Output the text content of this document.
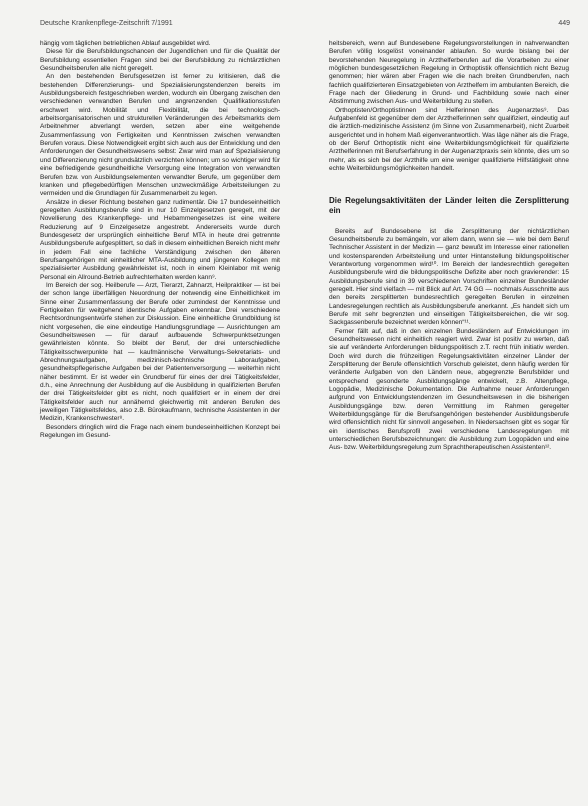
Deutsche Krankenpflege-Zeitschrift 7/1991	449

hängig vom täglichen betrieblichen Ablauf ausgebildet wird.

Diese für die Berufsbildungschancen der Jugendlichen und für die Qualität der Berufsbildung essentiellen Fragen sind bei der Berufsbildung zu nichtärztlichen Gesundheitsberufen alle nicht geregelt.

An den bestehenden Berufsgesetzen ist ferner zu kritisieren, daß die bestehenden Differenzierungs- und Spezialisierungstendenzen bereits im Ausbildungsbereich festgeschrieben werden, wodurch ein Übergang zwischen den verschiedenen verwandten Berufen und angrenzenden Qualifikationsstufen erschwert wird. Mobilität und Flexibilität, die bei technologisch-arbeitsorganisatorischen und strukturellen Veränderungen des Arbeitsmarkts dem Arbeitnehmer abverlangt werden, setzen aber eine weitgehende Zusammenfassung von Fertigkeiten und Kenntnissen zwischen verwandten Berufen voraus. Diese Notwendigkeit ergibt sich auch aus der Entwicklung und den Anforderungen der Gesundheitswesens selbst: Zwar wird man auf Spezialisierung und Differenzierung nicht grundsätzlich verzichten können; um so wichtiger wird für eine befriedigende gesundheitliche Versorgung eine Integration von verwandten Berufen bzw. von Ausbildungselementen verwandter Berufe, um gegenüber dem kranken und pflegebedürftigen Menschen unzweckmäßige Arbeitsteilungen zu vermeiden und die Grundlagen für Zusammenarbeit zu legen.

Ansätze in dieser Richtung bestehen ganz rudimentär. Die 17 bundeseinheitlich geregelten Ausbildungsberufe sind in nur 10 Einzelgesetzen geregelt, mit der Novellierung des Krankenpflege- und Hebammengesetzes ist eine weitere Reduzierung auf 9 Einzelgesetze angestrebt. Andererseits wurde durch Bundesgesetz der ursprünglich einheitliche Beruf MTA in heute drei getrennte Ausbildungsberufe aufgesplittert, so daß in diesem einheitlichen Bereich nicht mehr in jedem Fall eine fachliche Verständigung zwischen den älteren Berufsangehörigen mit einheitlicher MTA-Ausbildung und jüngeren Kollegen mit spezialisierter Ausbildung gewährleistet ist, noch in einem Kleinlabor mit wenig Personal ein Allround-Betrieb aufrechterhalten werden kann⁹.

Im Bereich der sog. Heilberufe — Arzt, Tierarzt, Zahnarzt, Heilpraktiker — ist bei der schon lange überfälligen Neuordnung der notwendig eine Einheitlichkeit im Sinne einer Zusammenfassung der Berufe oder zumindest der Kenntnisse und Fertigkeiten für weitgehend identische Aufgaben erkennbar. Drei verschiedene Rechtsordnungsentwürfe stehen zur Diskussion. Eine einheitliche Grundbildung ist nicht vorgesehen, die eine eindeutige Handlungsgrundlage — Ausrichtungen am Gesundheitswesen — für darauf aufbauende Schwerpunktsetzungen gewährleisten könnte. So bleibt der Beruf, der drei unterschiedliche Tätigkeitsschwerpunkte hat — kaufmännische Verwaltungs-Sekretariats- und Abrechnungsaufgaben, medizinisch-technische Laboraufgaben, gesundheitspflegerische Aufgaben bei der Patientenversorgung — weiterhin nicht näher bestimmt. Er ist weder ein Grundberuf für eines der drei Tätigkeitsfelder, d.h., eine Anrechnung der Ausbildung auf die Ausbildung in qualifizierten Berufen der drei Tätigkeitsfelder gibt es nicht, noch qualifiziert er in einem der drei Tätigkeitsfelder auch nur annähernd gleichwertig mit anderen Berufen des jeweiligen Tätigkeitsfeldes, also z.B. Bürokaufmann, technische Assistenten in der Medizin, Krankenschwester⁸.

Besonders dringlich wird die Frage nach einem bundeseinheitlichen Konzept bei Regelungen im Gesund-

heitsbereich, wenn auf Bundesebene Regelungsvorstellungen in nahverwandten Berufen völlig losgelöst voneinander ablaufen. So wurde bislang bei der bevorstehenden Neuregelung in Arzthelferberufen auf die Vorarbeiten zu einer möglichen bundesgesetzlichen Regelung in Orthoptistik offensichtlich nicht Bezug genommen; hier wären aber Fragen wie die nach breiten Grundberufen, nach fachlich qualifizierteren Einsatzgebieten von Arzthelfern im ambulanten Bereich, die Frage nach der Gliederung in Grund- und Fachbildung sowie nach einer Abstimmung zwischen Aus- und Weiterbildung zu stellen.

Orthoptisten/Orthoptistinnen sind Helferinnen des Augenarztes⁹. Das Aufgabenfeld ist gegenüber dem der Arzthelferinnen sehr qualifiziert, eindeutig auf die ärztlich-medizinische Assistenz (im Sinne von Zusammenarbeit), nicht Zuarbeit ausgerichtet und in hohem Maß eigenverantwortlich. Was läge näher als die Frage, ob der Beruf Orthoptistik nicht eine Weiterbildungsmöglichkeit für qualifizierte Arzthelferinnen mit Berufserfahrung in der Augenarztpraxis sein könnte, dies um so mehr, als es sich bei der Arzthilfe um eine weniger qualifizierte Hilfstätigkeit ohne echte Weiterbildungsmöglichkeiten handelt.

Die Regelungsaktivitäten der Länder leiten die Zersplitterung ein

Bereits auf Bundesebene ist die Zersplitterung der nichtärztlichen Gesundheitsberufe zu bemängeln, vor allem dann, wenn sie — wie bei dem Beruf Technischer Assistent in der Medizin — ganz bewußt im Interesse einer rationellen und kostensparenden Arbeitsteilung und unter Hintanstellung bildungspolitischer Verantwortung vorgenommen wird¹⁰. Im Bereich der landesrechtlich geregelten Ausbildungsberufe wird die bildungspolitische Defizite aber noch gravierender: 15 Ausbildungsberufe sind in 39 verschiedenen Vorschriften einzelner Bundesländer geregelt. Hier sind vielfach — mit Blick auf Art. 74 GG — nochmals Ausschnitte aus den bereits zersplitterten bundesrechtlich geregelten Berufen in einzelnen Landesregelungen rechtlich als Ausbildungsberufe anerkannt. „Es handelt sich um Berufe mit sehr begrenzten und einseitigen Tätigkeitsbereichen, die wir sog. Sackgassenberufe bezeichnet werden können“¹¹.

Ferner fällt auf, daß in den einzelnen Bundesländern auf Entwicklungen im Gesundheitswesen nicht einheitlich reagiert wird. Zwar ist positiv zu werten, daß sie auf veränderte Anforderungen bildungspolitisch z.T. recht früh initiativ werden. Doch wird durch die frühzeitigen Regelungsaktivitäten einzelner Länder der Zersplitterung der Berufe offensichtlich Vorschub geleistet, denn häufig werden für veränderte Aufgaben von den Ländern neue, abgegrenzte Berufsbilder und entsprechend gesonderte Ausbildungsgänge entwickelt, z.B. Altenpflege, Logopädie, Medizinische Dokumentation. Die Aufnahme neuer Anforderungen aufgrund von Entwicklungstendenzen im Gesundheitswesen in die bisherigen Ausbildungsgänge bzw. deren Vermittlung im Rahmen geregelter Weiterbildungsgänge für die Berufsangehörigen bestehender Ausbildungsberufe wird offensichtlich nicht für sinnvoll angesehen. In Niedersachsen gibt es sogar für ein identisches Berufsprofil zwei verschiedene Landesregelungen mit unterschiedlichen Berufsbezeichnungen: die Ausbildung zum Logopäden und eine Aus- bzw. Weiterbildungsregelung zum Sprachtherapeutischen Assistenten¹².
